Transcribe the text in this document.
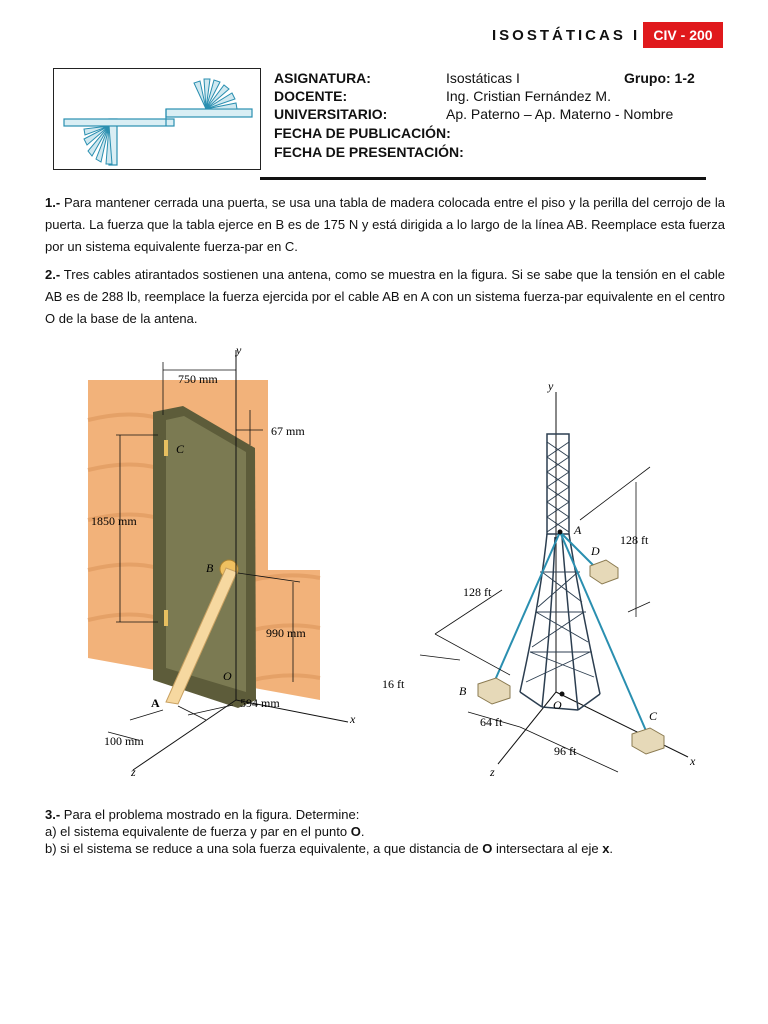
ISOSTÁTICAS I CIV - 200
ASIGNATURA:	Isostáticas I	Grupo: 1-2
DOCENTE:	Ing. Cristian Fernández M.
UNIVERSITARIO:	Ap. Paterno – Ap. Materno - Nombre
FECHA DE PUBLICACIÓN:
FECHA DE PRESENTACIÓN:
1.- Para mantener cerrada una puerta, se usa una tabla de madera colocada entre el piso y la perilla del cerrojo de la puerta. La fuerza que la tabla ejerce en B es de 175 N y está dirigida a lo largo de la línea AB. Reemplace esta fuerza por un sistema equivalente fuerza-par en C.
2.- Tres cables atirantados sostienen una antena, como se muestra en la figura. Si se sabe que la tensión en el cable AB es de 288 lb, reemplace la fuerza ejercida por el cable AB en A con un sistema fuerza-par equivalente en el centro O de la base de la antena.
y
x
z
750 mm
67 mm
1850 mm
990 mm
594 mm
100 mm
C
B
A
O
y
x
z
128 ft
128 ft
16 ft
64 ft
96 ft
A
B
C
D
O
3.- Para el problema mostrado en la figura. Determine:
a) el sistema equivalente de fuerza y par en el punto O.
b) si el sistema se reduce a una sola fuerza equivalente, a que distancia de O intersectara al eje x.
